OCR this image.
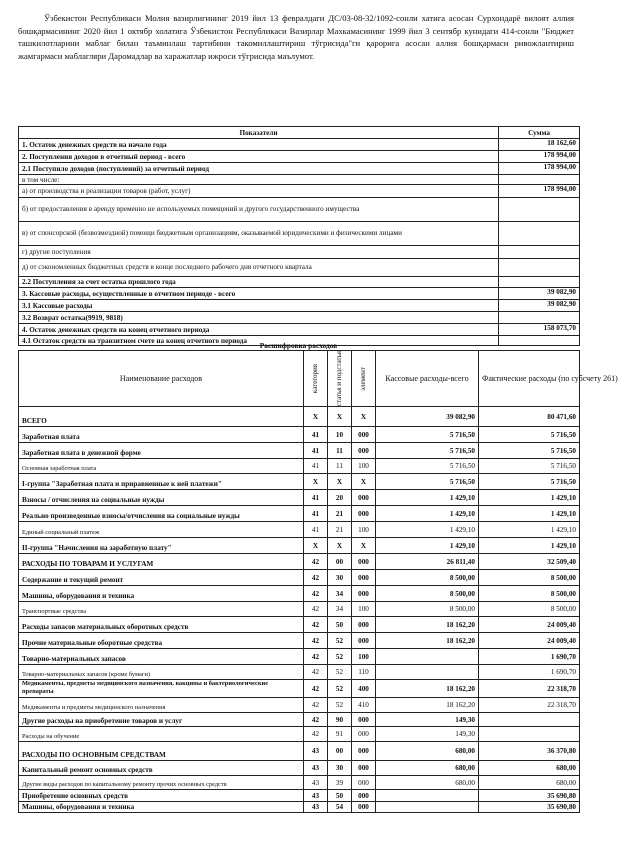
Ўзбекистон Республикаси Молия вазирлигининг 2019 йил 13 февралдаги ДС/03-08-32/1092-сонли хатига асосан Сурхондарё вилоят аллия бошқармасининг 2020 йил 1 октябр холатига Ўзбекистон Республикаси Вазирлар Махкамасининг 1999 йил 3 сентябр кунидаги 414-сонли "Бюджет ташкилотларини маблаг билан таъминлаш тартибини такомиллаштириш тўгрисида"ги қарорига асосан аллия бошқармаси ривожлантириш жамгармаси маблагляри Даромадлар ва харажатлар ижроси тўгрисида маълумот.
Показатели	Сумма
1. Остаток денежных средств на начало года	18 162,60
2. Поступления доходов в отчетный период - всего	178 994,00
2.1 Поступило доходов (поступлений) за отчетный период	178 994,00
в том числе:	
а) от производства и реализации товаров (работ, услуг)	178 994,00
б) от предоставления в аренду временно не используемых помещений и другого государственного имущества	
в) от спонсорской (безвозмездной) помощи бюджетным организациям, оказываемой юридическими и физическими лицами	
г) другие поступления	
д) от сэкономленных бюджетных средств в конце последнего рабочего дня отчетного квартала	
2.2 Поступления за счет остатка прошлого года	
3. Кассовые расходы, осуществленные в отчетном периоде - всего	39 082,90
3.1 Кассовые расходы	39 082,90
3.2 Возврат остатка(9919, 9818)	
4. Остаток денежных средств на конец отчетного периода	158 073,70
4.1 Остаток средств на транзитном счете на конец отчетного периода	
Расшифровка расходов
Наименование расходов	категория	статья и подстатья	элемент	Кассовые расходы-всего	Фактические расходы (по субсчету 261)
ВСЕГО	X	X	X	39 082,90	80 471,60
Заработная плата	41	10	000	5 716,50	5 716,50
Заработная плата в денежной форме	41	11	000	5 716,50	5 716,50
Основная заработная плата	41	11	100	5 716,50	5 716,50
I-группа "Заработная плата и приравненные к ней платежи"	X	X	X	5 716,50	5 716,50
Взносы / отчисления на социальные нужды	41	20	000	1 429,10	1 429,10
Реально произведенные взносы/отчисления на социальные нужды	41	21	000	1 429,10	1 429,10
Единый социальный платеж	41	21	100	1 429,10	1 429,10
II-группа "Начисления на заработную плату"	X	X	X	1 429,10	1 429,10
РАСХОДЫ ПО ТОВАРАМ И УСЛУГАМ	42	00	000	26 811,40	32 509,40
Содержание и текущий ремонт	42	30	000	8 500,00	8 500,00
Машины, оборудования и техника	42	34	000	8 500,00	8 500,00
Транспортные средства	42	34	100	8 500,00	8 500,00
Расходы запасов материальных оборотных средств	42	50	000	18 162,20	24 009,40
Прочие материальные оборотные средства	42	52	000	18 162,20	24 009,40
Товарно-материальных запасов	42	52	100		1 690,70
Товарно-материальных запасов (кроме бумаги)	42	52	110		1 690,70
Медикаменты, предметы медицинского назначения, вакцины и бактериологические препараты	42	52	400	18 162,20	22 318,70
Медикаменты и предметы медицинского назначения	42	52	410	18 162,20	22 318,70
Другие расходы на приобретение товаров и услуг	42	90	000	149,30	
Расходы на обучение	42	91	000	149,30	
РАСХОДЫ ПО ОСНОВНЫМ СРЕДСТВАМ	43	00	000	680,00	36 370,80
Капитальный ремонт основных средств	43	30	000	680,00	680,00
Другие виды расходов по капитальному ремонту прочих основных средств	43	39	000	680,00	680,00
Приобретение основных средств	43	50	000		35 690,80
Машины, оборудования и техника	43	54	000		35 690,80
